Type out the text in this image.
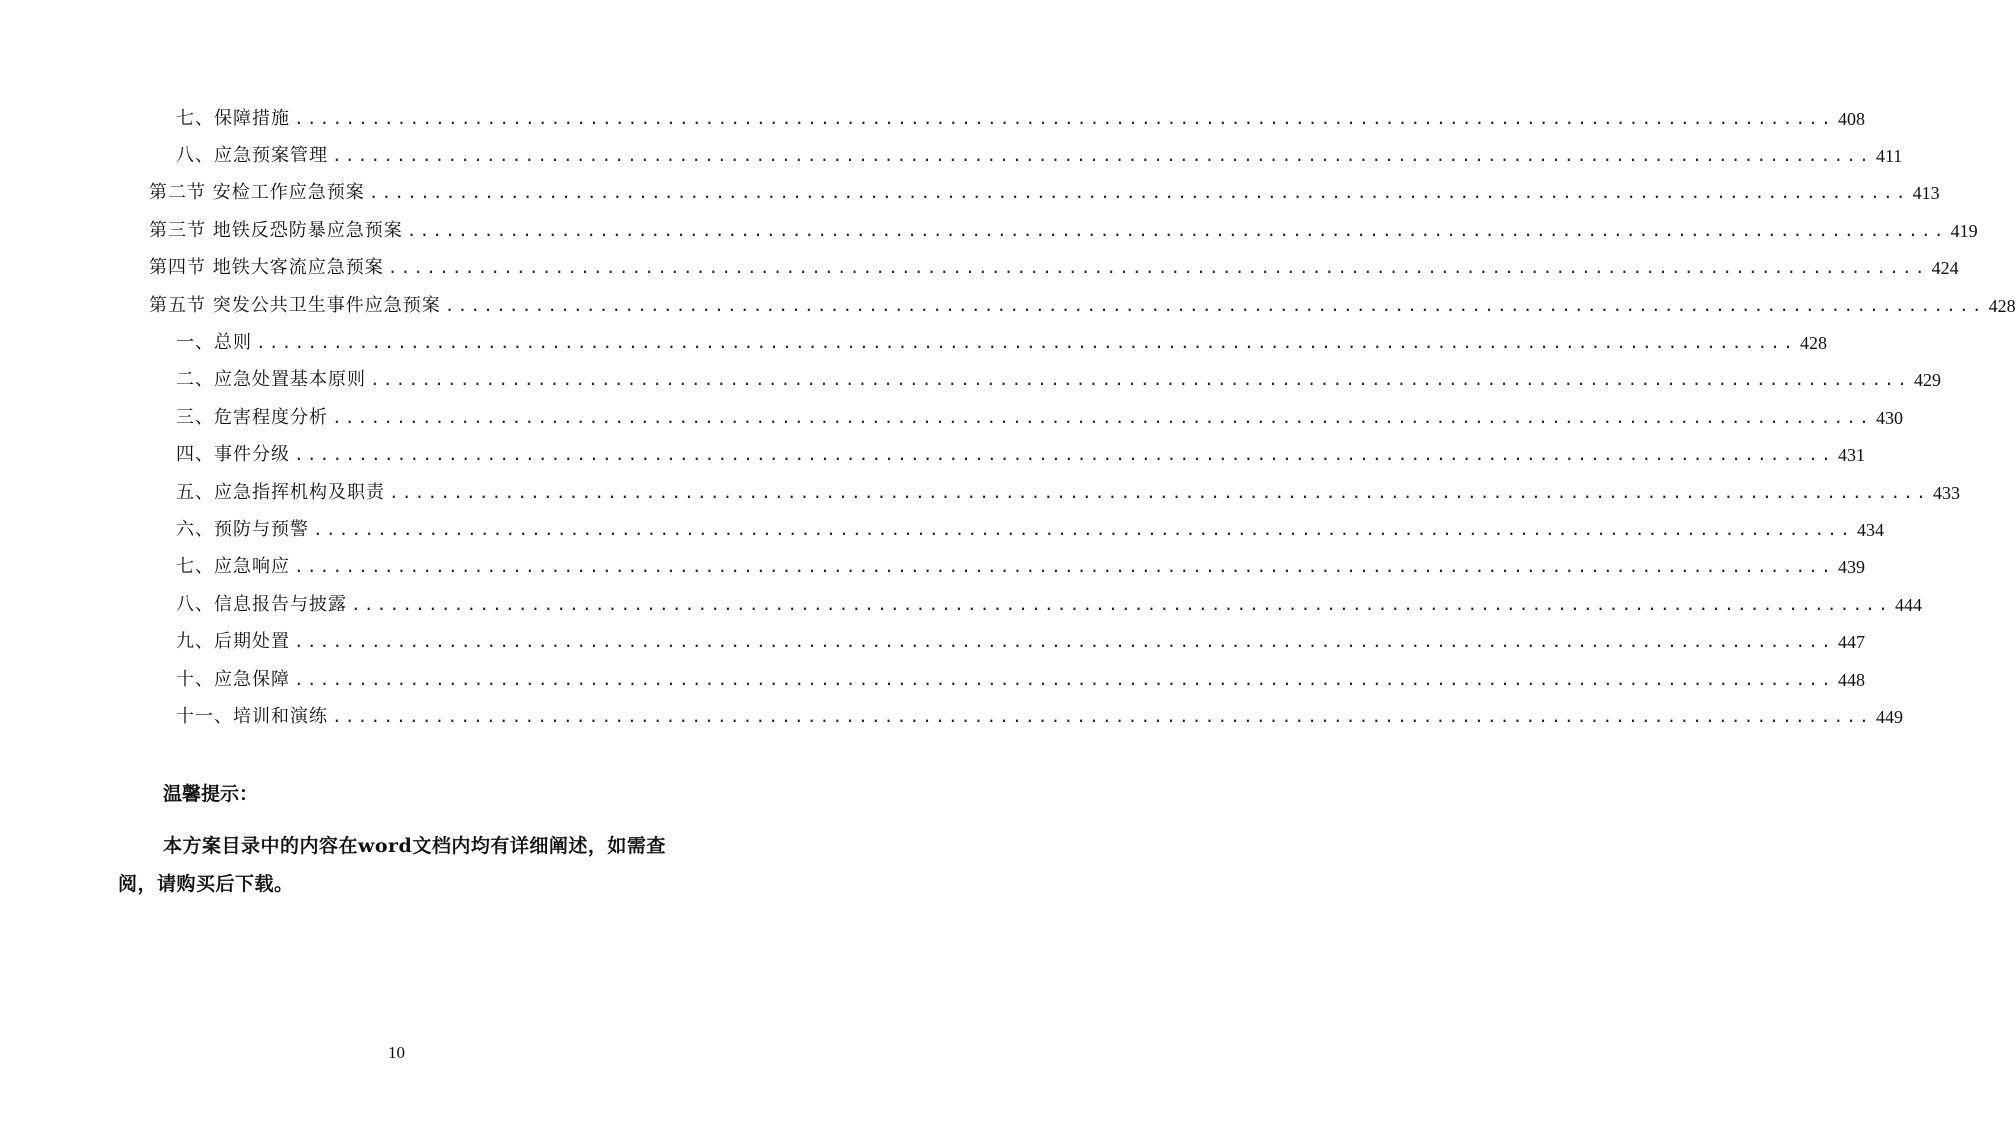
七、保障措施 ........................................................................................................................ 408
八、应急预案管理 ........................................................................................................................ 411
第二节 安检工作应急预案 ........................................................................................................................ 413
第三节 地铁反恐防暴应急预案 ........................................................................................................................ 419
第四节 地铁大客流应急预案 ........................................................................................................................ 424
第五节 突发公共卫生事件应急预案 ........................................................................................................................ 428
一、总则 ........................................................................................................................ 428
二、应急处置基本原则 ........................................................................................................................ 429
三、危害程度分析 ........................................................................................................................ 430
四、事件分级 ........................................................................................................................ 431
五、应急指挥机构及职责 ........................................................................................................................ 433
六、预防与预警 ........................................................................................................................ 434
七、应急响应 ........................................................................................................................ 439
八、信息报告与披露 ........................................................................................................................ 444
九、后期处置 ........................................................................................................................ 447
十、应急保障 ........................................................................................................................ 448
十一、培训和演练 ........................................................................................................................ 449
温馨提示：
本方案目录中的内容在word文档内均有详细阐述，如需查阅，请购买后下载。
10
